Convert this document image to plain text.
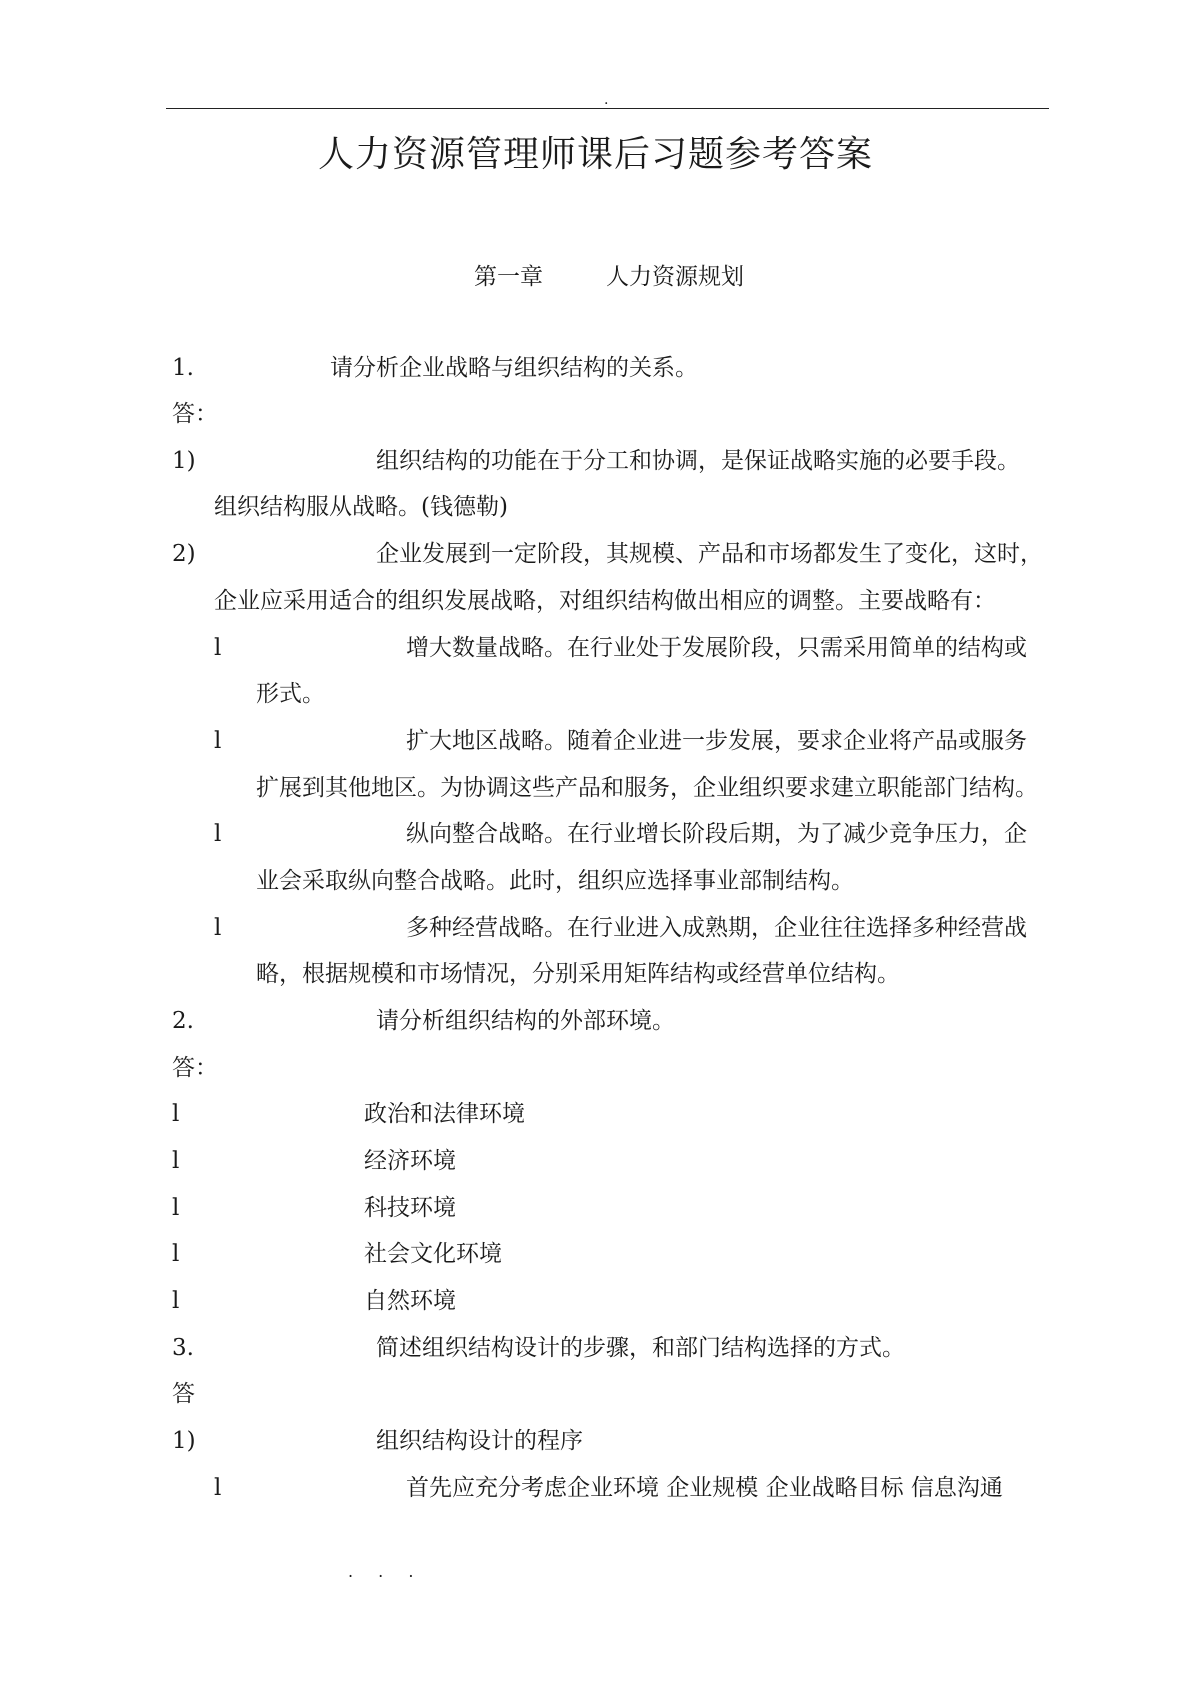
.
人力资源管理师课后习题参考答案
第一章	人力资源规划
1.	请分析企业战略与组织结构的关系。
答：
1)	组织结构的功能在于分工和协调，是保证战略实施的必要手段。
组织结构服从战略。(钱德勒)
2)	企业发展到一定阶段，其规模、产品和市场都发生了变化，这时，
企业应采用适合的组织发展战略，对组织结构做出相应的调整。主要战略有：
l	增大数量战略。在行业处于发展阶段，只需采用简单的结构或
形式。
l	扩大地区战略。随着企业进一步发展，要求企业将产品或服务
扩展到其他地区。为协调这些产品和服务，企业组织要求建立职能部门结构。
l	纵向整合战略。在行业增长阶段后期，为了减少竞争压力，企
业会采取纵向整合战略。此时，组织应选择事业部制结构。
l	多种经营战略。在行业进入成熟期，企业往往选择多种经营战
略，根据规模和市场情况，分别采用矩阵结构或经营单位结构。
2.	请分析组织结构的外部环境。
答：
l	政治和法律环境
l	经济环境
l	科技环境
l	社会文化环境
l	自然环境
3.	简述组织结构设计的步骤，和部门结构选择的方式。
答
1)	组织结构设计的程序
l	首先应充分考虑企业环境 企业规模 企业战略目标 信息沟通
. . .
